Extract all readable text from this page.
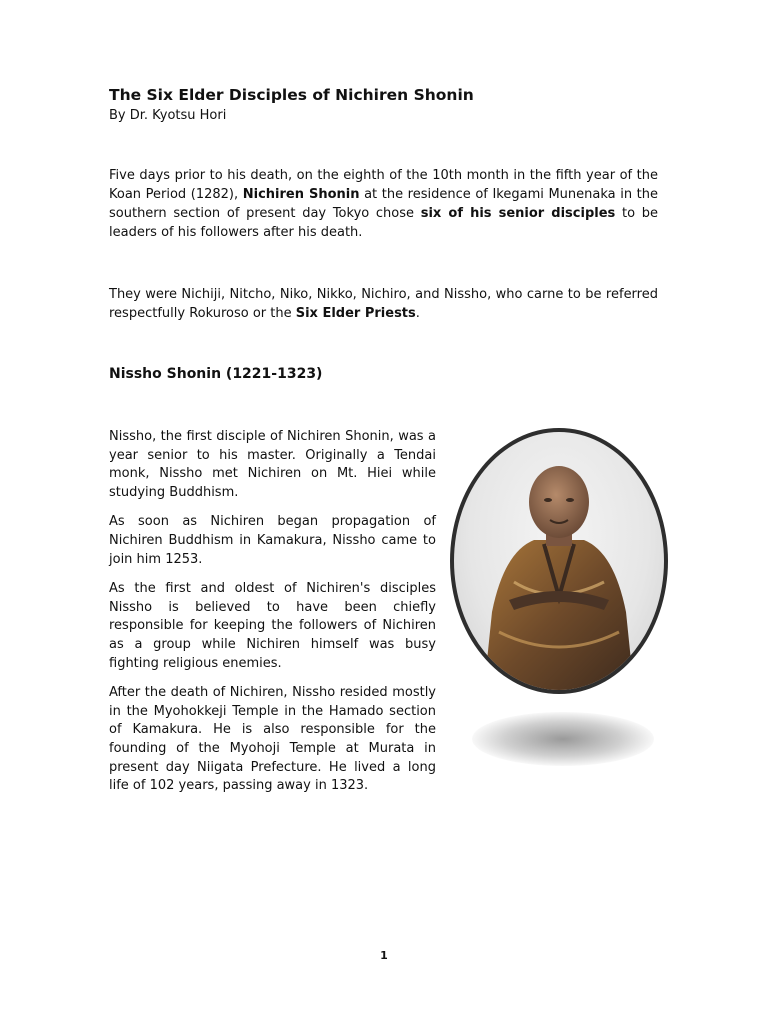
The Six Elder Disciples of Nichiren Shonin
By Dr. Kyotsu Hori

Five days prior to his death, on the eighth of the 10th month in the fifth year of the Koan Period (1282), Nichiren Shonin at the residence of Ikegami Munenaka in the southern section of present day Tokyo chose six of his senior disciples to be leaders of his followers after his death.

They were Nichiji, Nitcho, Niko, Nikko, Nichiro, and Nissho, who carne to be referred respectfully Rokuroso or the Six Elder Priests.

Nissho Shonin (1221-1323)

Nissho, the first disciple of Nichiren Shonin, was a year senior to his master. Originally a Tendai monk, Nissho met Nichiren on Mt. Hiei while studying Buddhism.

As soon as Nichiren began propagation of Nichiren Buddhism in Kamakura, Nissho came to join him 1253.

As the first and oldest of Nichiren's disciples Nissho is believed to have been chiefly responsible for keeping the followers of Nichiren as a group while Nichiren himself was busy fighting religious enemies.

After the death of Nichiren, Nissho resided mostly in the Myohokkeji Temple in the Hamado section of Kamakura. He is also responsible for the founding of the Myohoji Temple at Murata in present day Niigata Prefecture. He lived a long life of 102 years, passing away in 1323.

1
